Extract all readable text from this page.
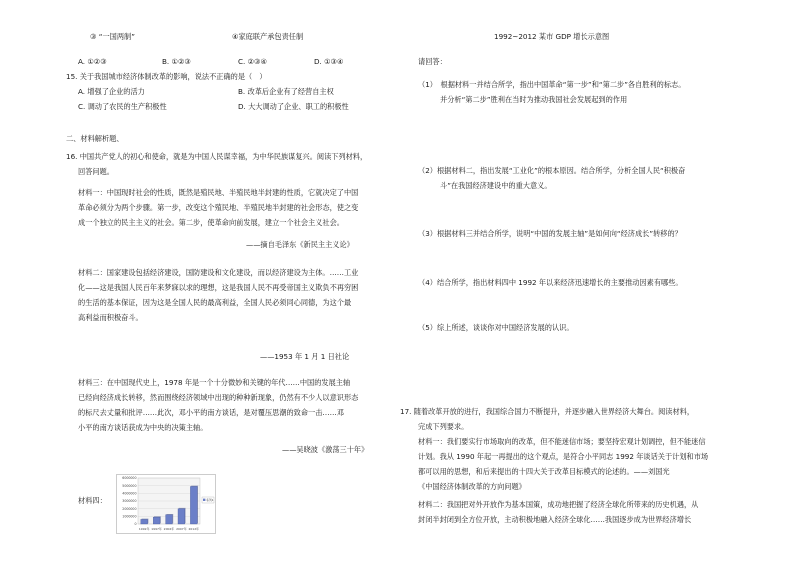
③ “一国两制”	④家庭联产承包责任制
A. ①②③	B. ①②③	C. ②③④	D. ①③④
15. 关于我国城市经济体制改革的影响，说法不正确的是（　）
A. 增强了企业的活力	B. 改革后企业有了经营自主权
C. 调动了农民的生产积极性	D. 大大调动了企业、职工的积极性
二、材料解析题、
16. 中国共产党人的初心和使命，就是为中国人民谋幸福，为中华民族谋复兴。阅读下列材料，
回答问题。
材料一：中国现时社会的性质，既然是殖民地、半殖民地半封建的性质，它就决定了中国
革命必须分为两个步骤。第一步，改变这个殖民地、半殖民地半封建的社会形态，使之变
成一个独立的民主主义的社会。第二步，使革命向前发展，建立一个社会主义社会。
——摘自毛泽东《新民主主义论》
材料二：国家建设包括经济建设，国防建设和文化建设，而以经济建设为主体。……工业
化——这是我国人民百年来梦寐以求的理想，这是我国人民不再受帝国主义欺负不再穷困
的生活的基本保证，因为这是全国人民的最高利益，全国人民必须同心同德，为这个最
高利益而积极奋斗。
——1953 年 1 月 1 日社论
材料三：在中国现代史上，1978 年是一个十分微妙和关键的年代……中国的发展主轴
已经向经济成长转移，然而围绕经济领域中出现的种种新现象，仍然有不少人以意识形态
的标尺去丈量和批评……此次，邓小平的南方谈话，是对覆压思潮的致命一击……邓
小平的南方谈话获成为中央的决策主轴。
——吴晓波《激荡三十年》
材料四：
6000000
5000000
4000000
3000000
2000000
1000000
0
1992年 1997年 2002年 2007年 2012年
系列1
1992~2012 某市 GDP 增长示意图
请回答：
（1）　根据材料一并结合所学，指出中国革命“第一步”和“第二步”各自胜利的标志。
并分析“第二步”胜利在当时为推动我国社会发展起到的作用
（2）根据材料二，指出发展“工业化”的根本原因。结合所学，分析全国人民“积极奋
斗”在我国经济建设中的重大意义。
（3）根据材料三并结合所学，说明“中国的发展主轴”是如何向“经济成长”转移的？
（4）结合所学，指出材料四中 1992 年以来经济迅速增长的主要推动因素有哪些。
（5）综上所述，谈谈你对中国经济发展的认识。
17. 随着改革开放的进行，我国综合国力不断提升，并逐步融入世界经济大舞台。阅读材料，
完成下列要求。
材料一：我们要实行市场取向的改革，但不能迷信市场；要坚持宏观计划调控，但不能迷信
计划。我从 1990 年起一再提出的这个观点，是符合小平同志 1992 年谈话关于计划和市场
都可以用的思想，和后来提出的十四大关于改革目标模式的论述的。——刘国光
《中国经济体制改革的方向问题》
材料二：我国把对外开放作为基本国策，成功地把握了经济全球化所带来的历史机遇，从
封闭半封闭到全方位开放，主动积极地融入经济全球化……我国逐步成为世界经济增长
